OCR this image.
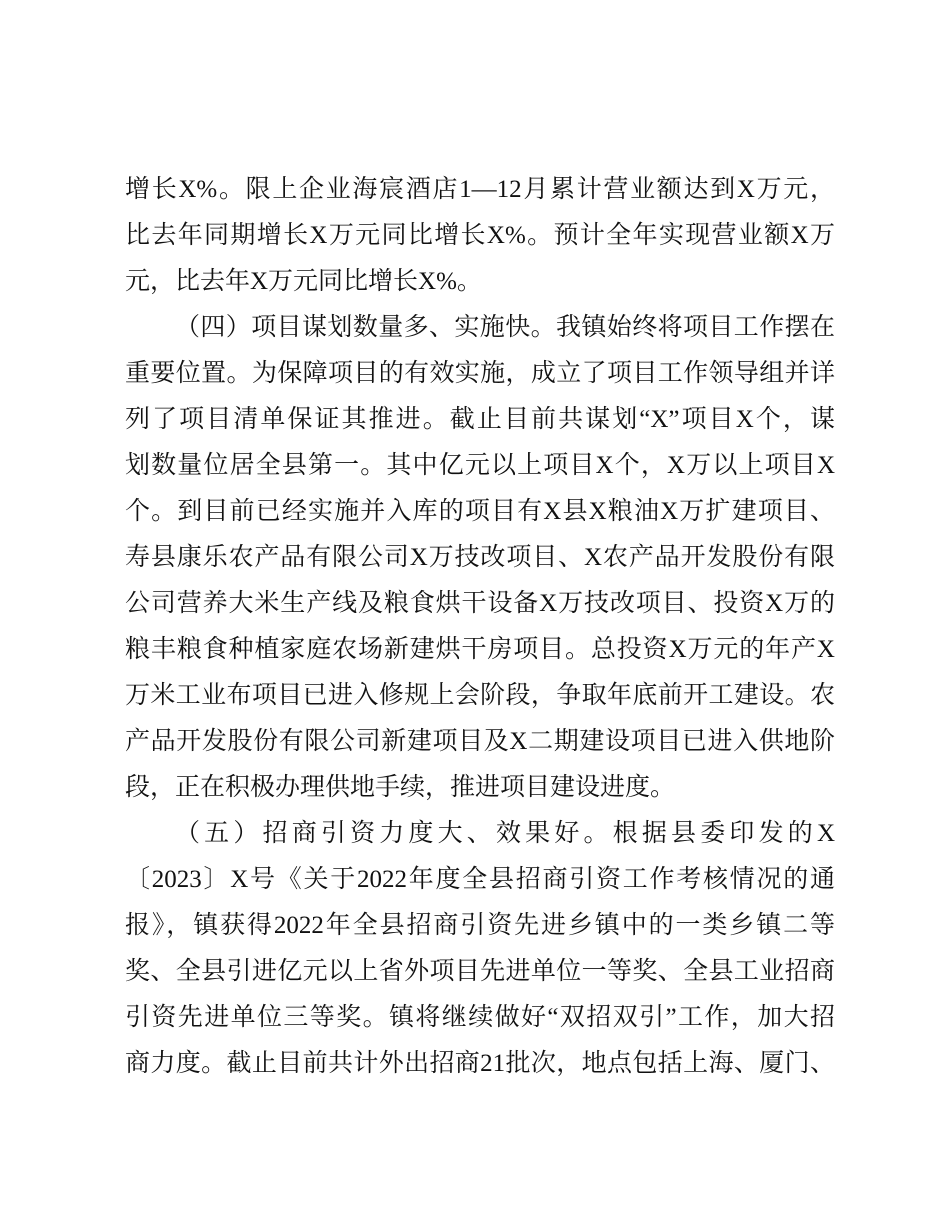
增长X%。限上企业海宸酒店1—12月累计营业额达到X万元，
比去年同期增长X万元同比增长X%。预计全年实现营业额X万
元，比去年X万元同比增长X%。
（四）项目谋划数量多、实施快。我镇始终将项目工作摆在
重要位置。为保障项目的有效实施，成立了项目工作领导组并详
列了项目清单保证其推进。截止目前共谋划“X”项目X个，谋
划数量位居全县第一。其中亿元以上项目X个，X万以上项目X
个。到目前已经实施并入库的项目有X县X粮油X万扩建项目、
寿县康乐农产品有限公司X万技改项目、X农产品开发股份有限
公司营养大米生产线及粮食烘干设备X万技改项目、投资X万的
粮丰粮食种植家庭农场新建烘干房项目。总投资X万元的年产X
万米工业布项目已进入修规上会阶段，争取年底前开工建设。农
产品开发股份有限公司新建项目及X二期建设项目已进入供地阶
段，正在积极办理供地手续，推进项目建设进度。
（五）招商引资力度大、效果好。根据县委印发的X
〔2023〕X号《关于2022年度全县招商引资工作考核情况的通
报》，镇获得2022年全县招商引资先进乡镇中的一类乡镇二等
奖、全县引进亿元以上省外项目先进单位一等奖、全县工业招商
引资先进单位三等奖。镇将继续做好“双招双引”工作，加大招
商力度。截止目前共计外出招商21批次，地点包括上海、厦门、
